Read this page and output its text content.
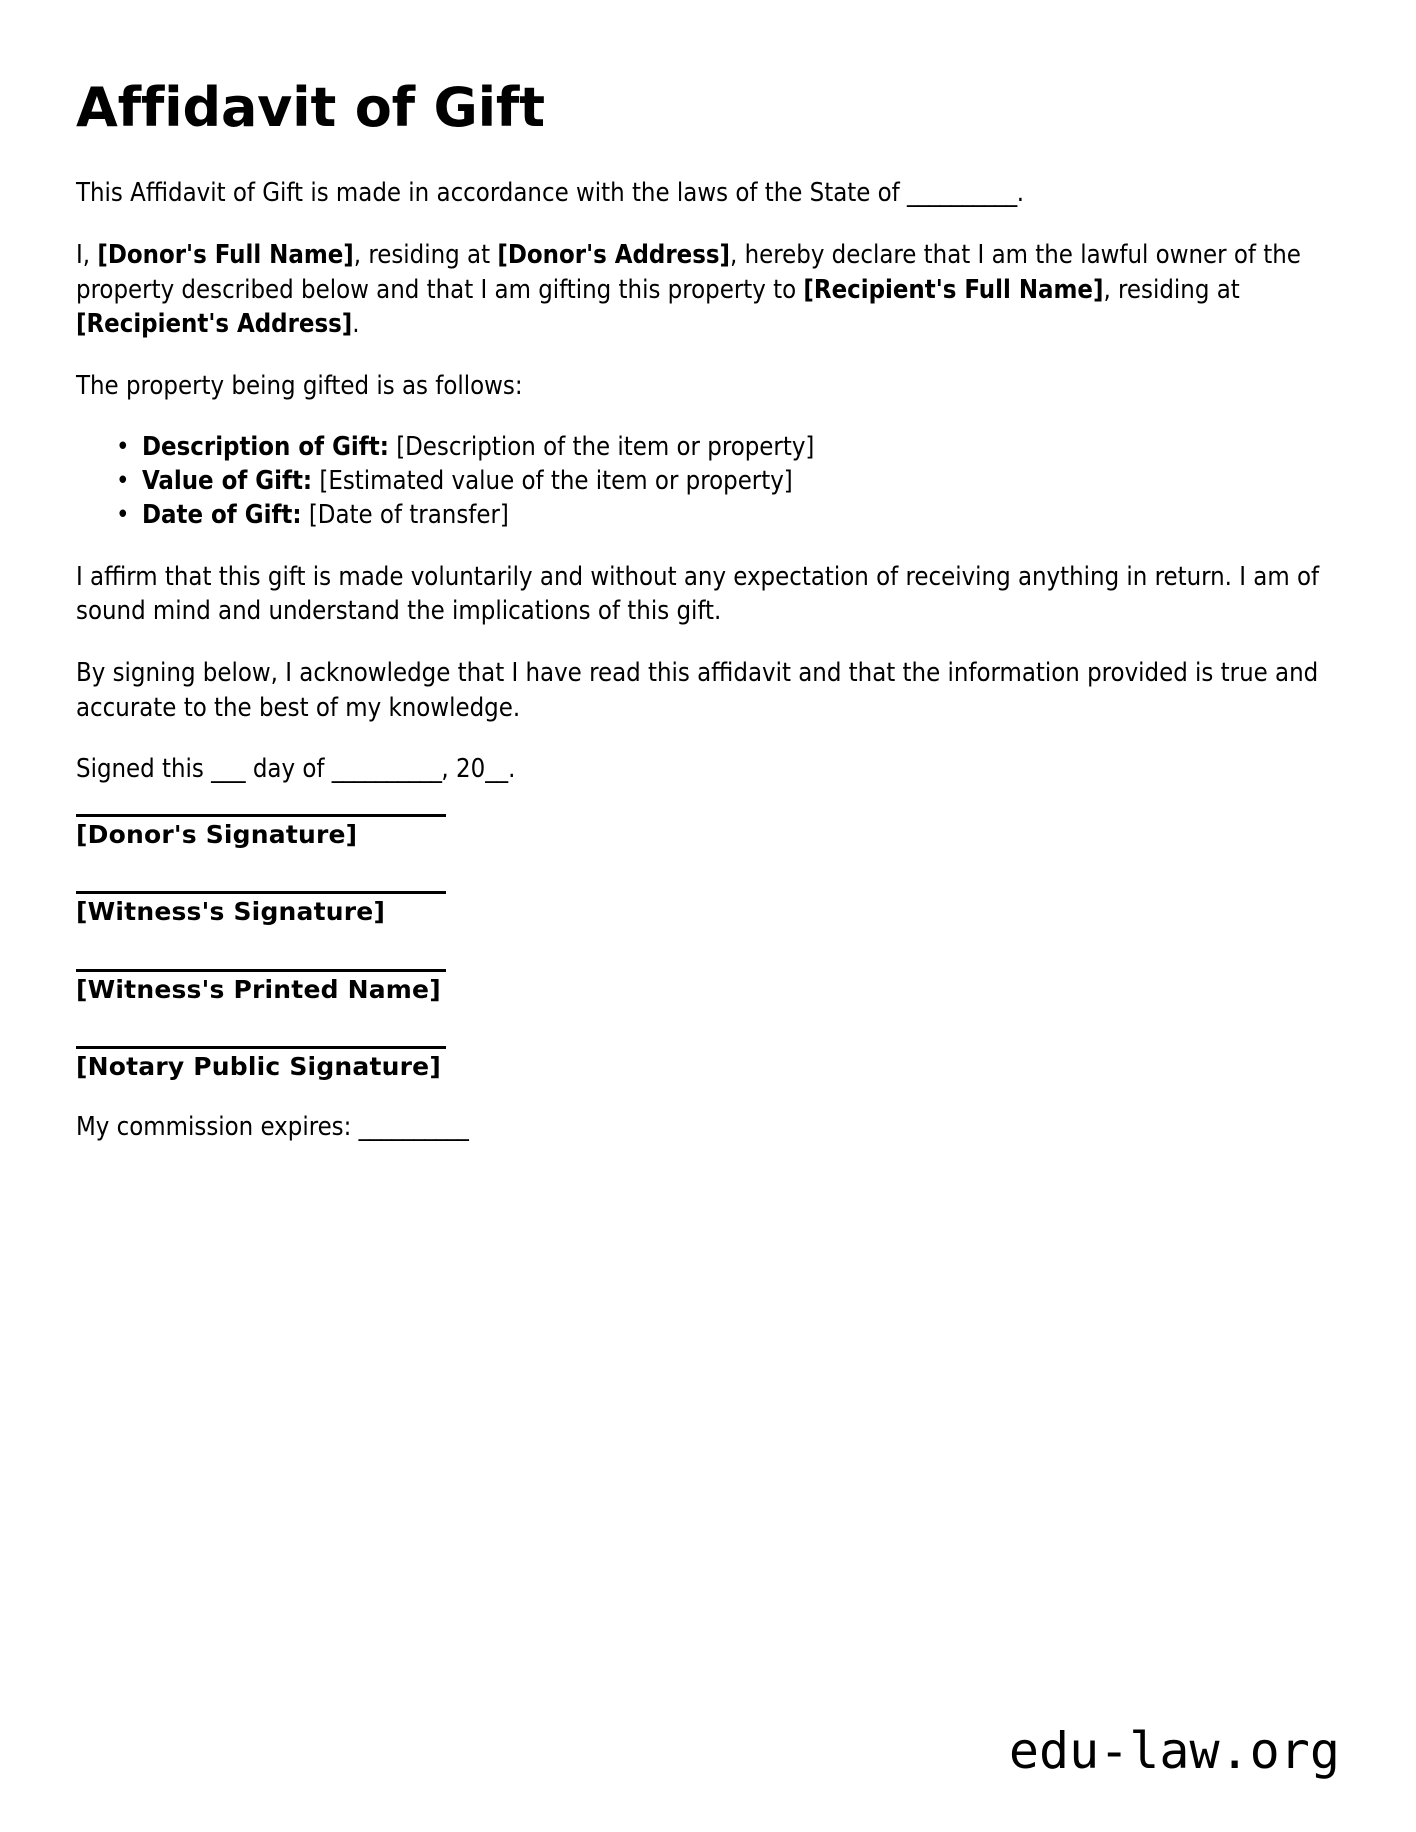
Affidavit of Gift

This Affidavit of Gift is made in accordance with the laws of the State of __________.

I, [Donor's Full Name], residing at [Donor's Address], hereby declare that I am the lawful owner of the property described below and that I am gifting this property to [Recipient's Full Name], residing at [Recipient's Address].

The property being gifted is as follows:

• Description of Gift: [Description of the item or property]
• Value of Gift: [Estimated value of the item or property]
• Date of Gift: [Date of transfer]

I affirm that this gift is made voluntarily and without any expectation of receiving anything in return. I am of sound mind and understand the implications of this gift.

By signing below, I acknowledge that I have read this affidavit and that the information provided is true and accurate to the best of my knowledge.

Signed this ___ day of __________, 20__.

[Donor's Signature]
[Witness's Signature]
[Witness's Printed Name]
[Notary Public Signature]

My commission expires: __________

edu-law.org
